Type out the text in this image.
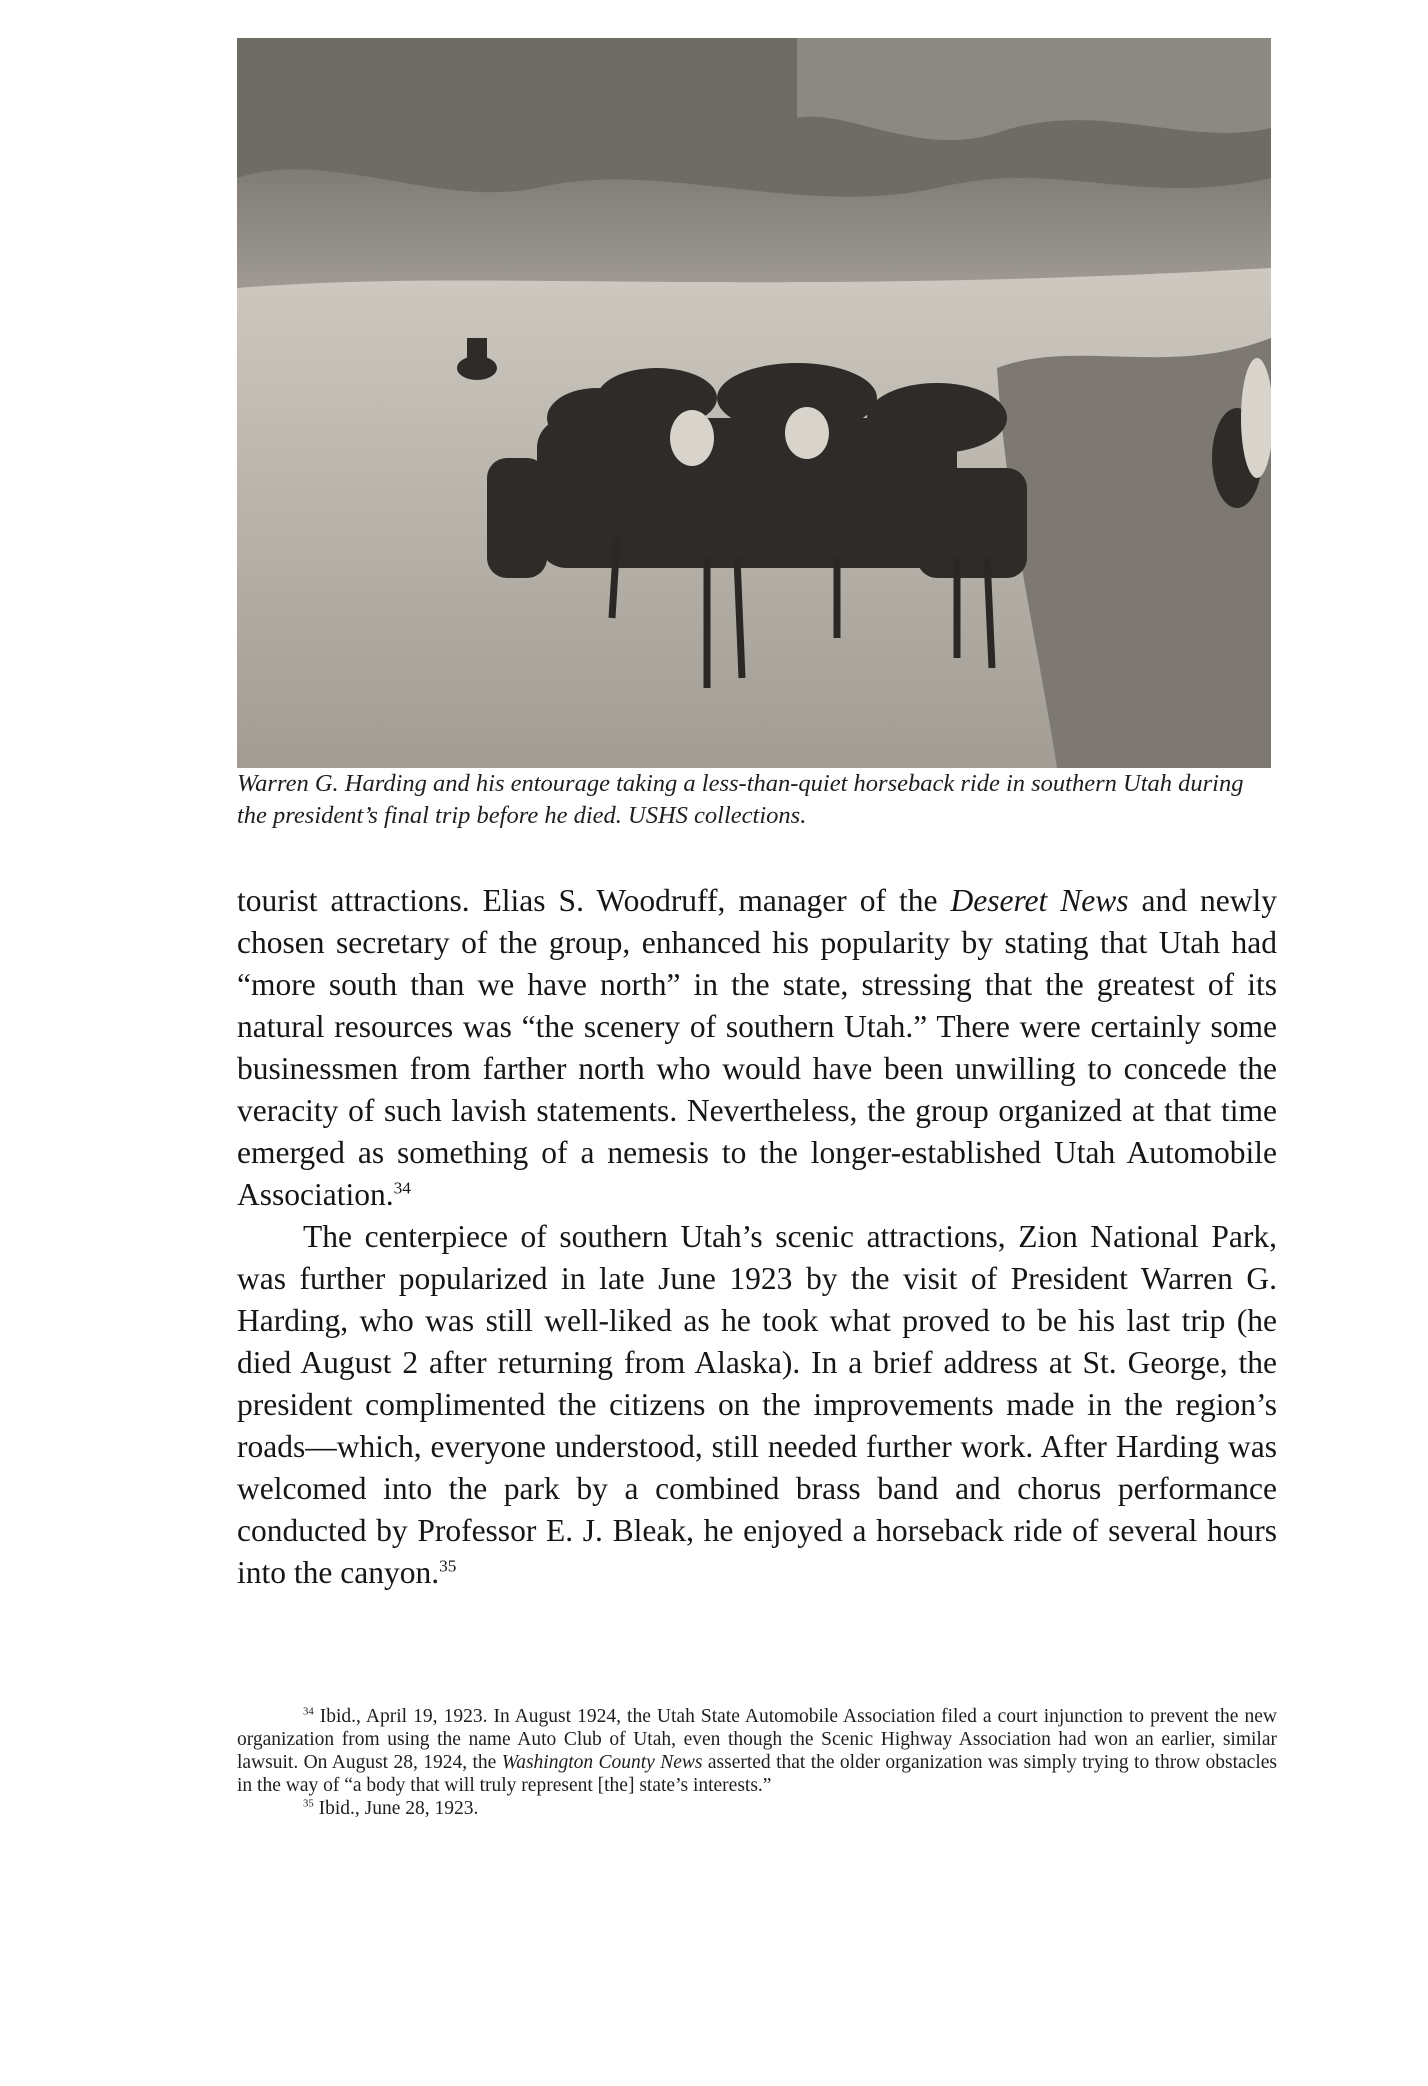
Warren G. Harding and his entourage taking a less-than-quiet horseback ride in southern Utah during the president’s final trip before he died. USHS collections.

tourist attractions. Elias S. Woodruff, manager of the Deseret News and newly chosen secretary of the group, enhanced his popularity by stating that Utah had “more south than we have north” in the state, stressing that the greatest of its natural resources was “the scenery of southern Utah.” There were certainly some businessmen from farther north who would have been unwilling to concede the veracity of such lavish statements. Nevertheless, the group organized at that time emerged as something of a nemesis to the longer-established Utah Automobile Association.$^{34}$

The centerpiece of southern Utah’s scenic attractions, Zion National Park, was further popularized in late June 1923 by the visit of President Warren G. Harding, who was still well-liked as he took what proved to be his last trip (he died August 2 after returning from Alaska). In a brief address at St. George, the president complimented the citizens on the improvements made in the region’s roads—which, everyone understood, still needed further work. After Harding was welcomed into the park by a combined brass band and chorus performance conducted by Professor E. J. Bleak, he enjoyed a horseback ride of several hours into the canyon.$^{35}$

$^{34}$ Ibid., April 19, 1923. In August 1924, the Utah State Automobile Association filed a court injunction to prevent the new organization from using the name Auto Club of Utah, even though the Scenic Highway Association had won an earlier, similar lawsuit. On August 28, 1924, the Washington County News asserted that the older organization was simply trying to throw obstacles in the way of “a body that will truly represent [the] state’s interests.”

$^{35}$ Ibid., June 28, 1923.
